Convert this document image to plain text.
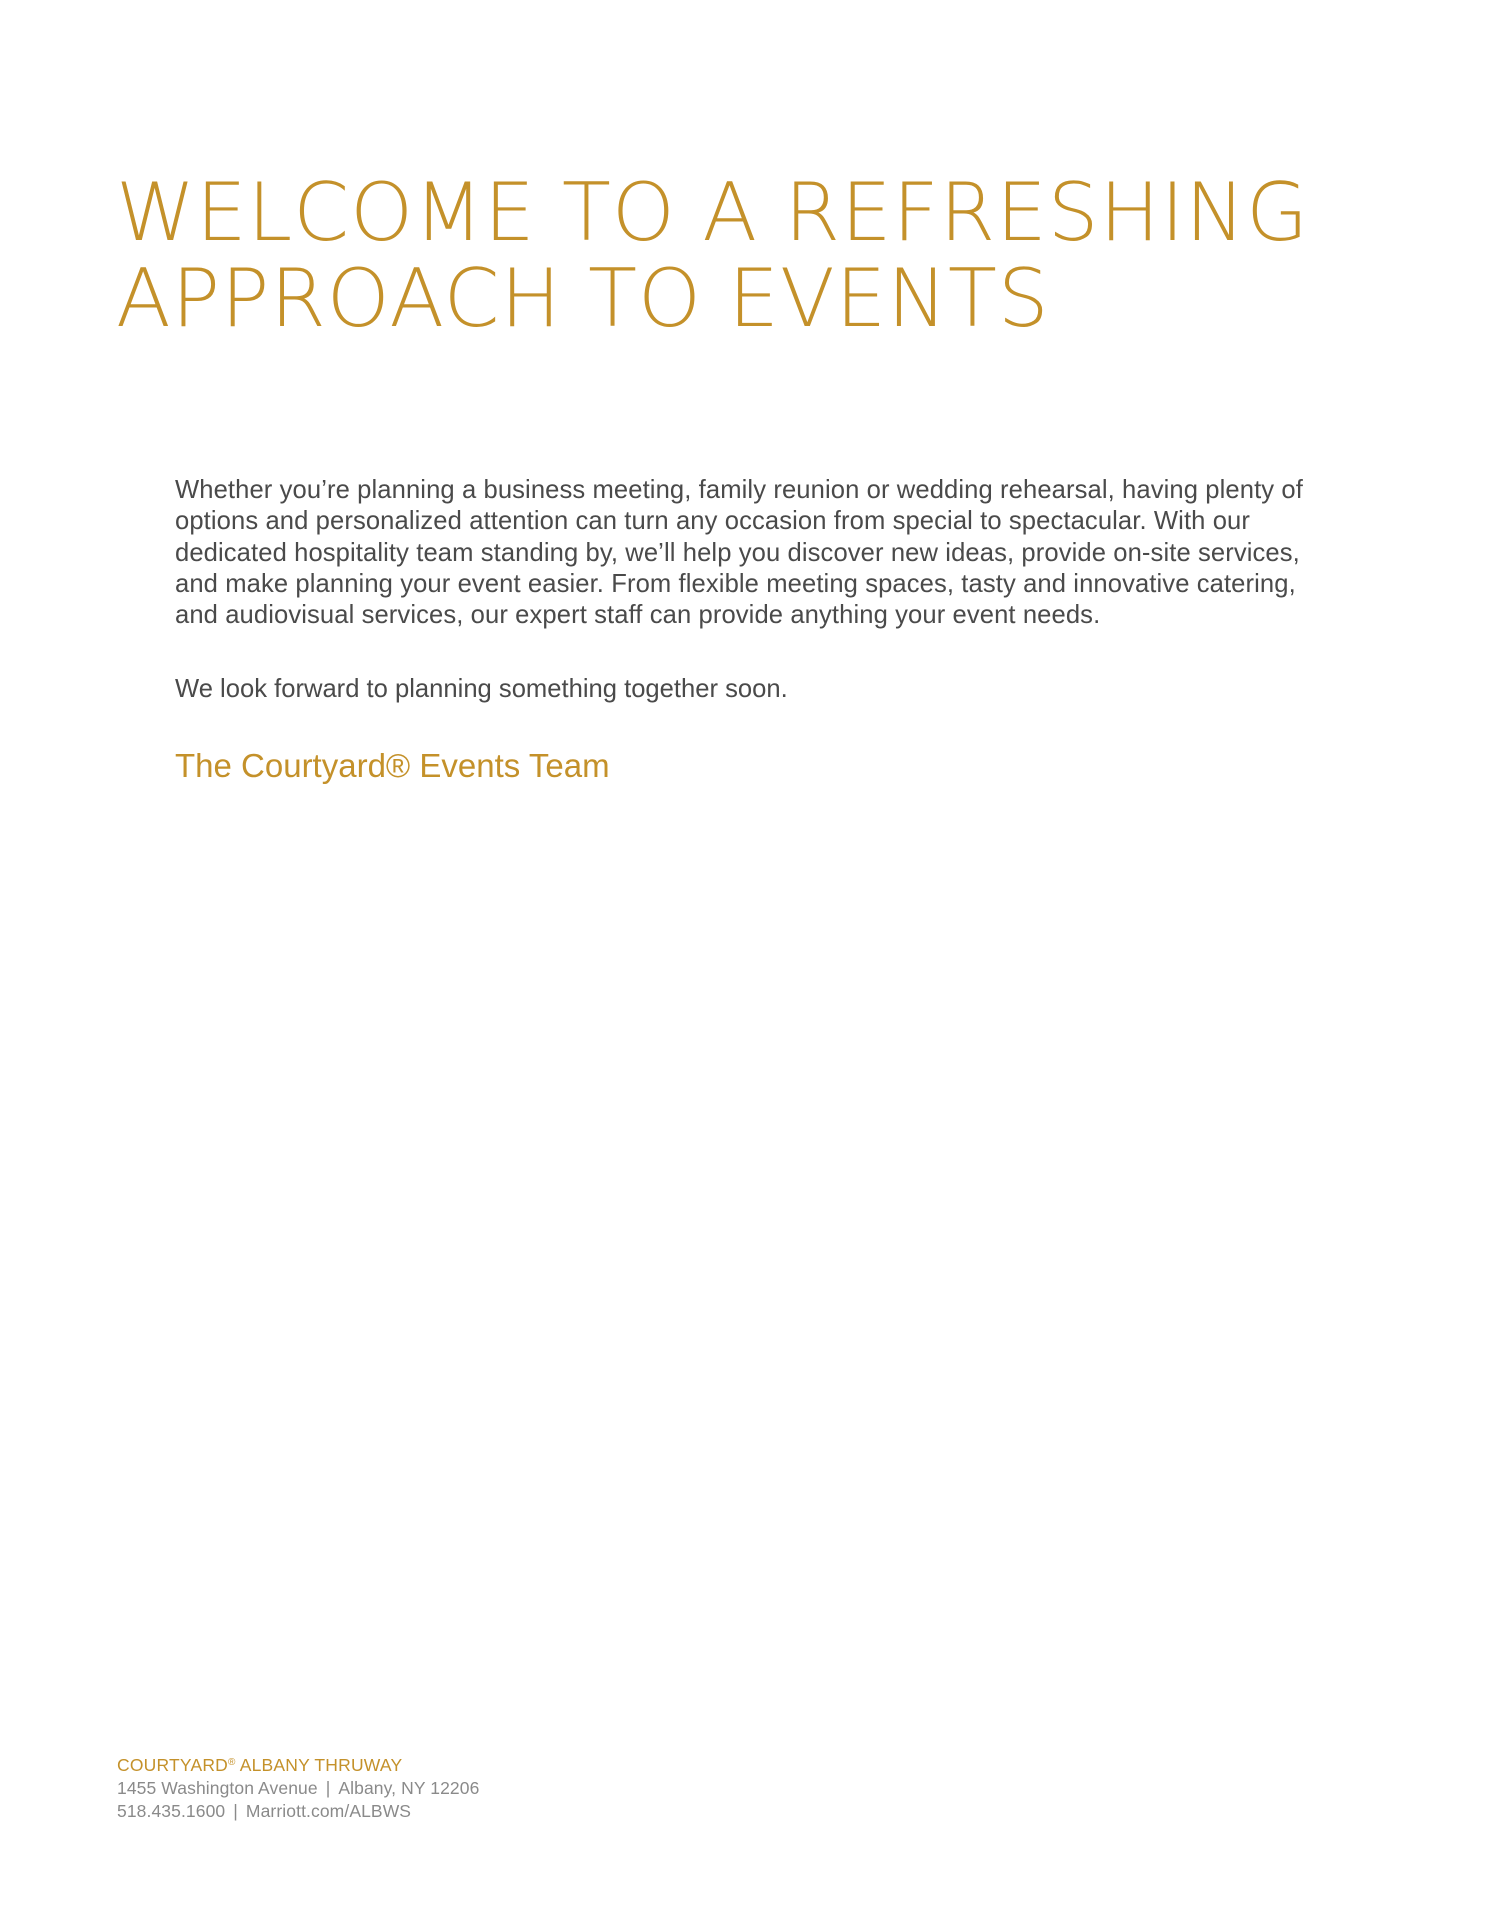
WELCOME TO A REFRESHING
APPROACH TO EVENTS

Whether you’re planning a business meeting, family reunion or wedding rehearsal, having plenty of options and personalized attention can turn any occasion from special to spectacular. With our dedicated hospitality team standing by, we’ll help you discover new ideas, provide on-site services, and make planning your event easier. From flexible meeting spaces, tasty and innovative catering, and audiovisual services, our expert staff can provide anything your event needs.

We look forward to planning something together soon.

The Courtyard® Events Team

COURTYARD® ALBANY THRUWAY

1455 Washington Avenue | Albany, NY 12206

518.435.1600 | Marriott.com/ALBWS
